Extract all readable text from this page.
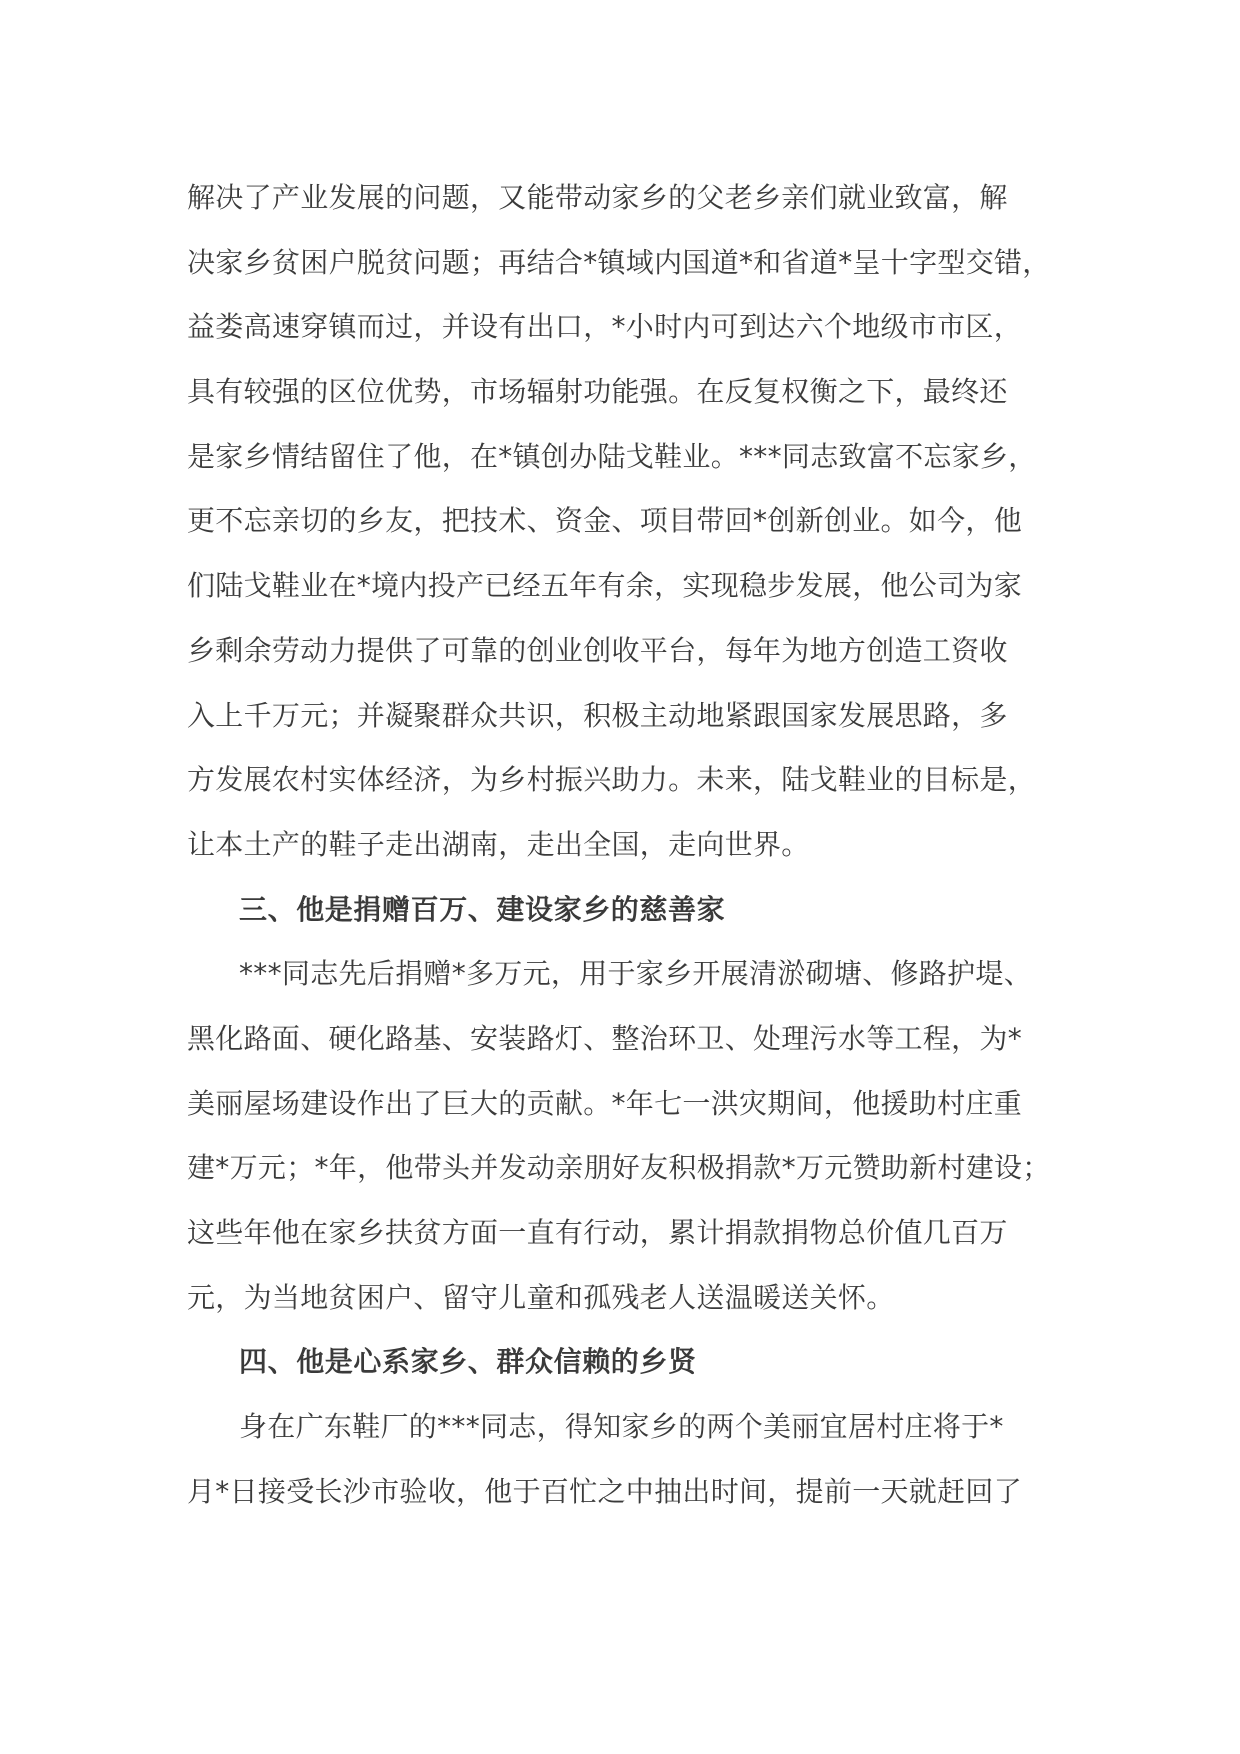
解决了产业发展的问题，又能带动家乡的父老乡亲们就业致富，解
决家乡贫困户脱贫问题；再结合*镇域内国道*和省道*呈十字型交错，
益娄高速穿镇而过，并设有出口，*小时内可到达六个地级市市区，
具有较强的区位优势，市场辐射功能强。在反复权衡之下，最终还
是家乡情结留住了他，在*镇创办陆戈鞋业。***同志致富不忘家乡，
更不忘亲切的乡友，把技术、资金、项目带回*创新创业。如今，他
们陆戈鞋业在*境内投产已经五年有余，实现稳步发展，他公司为家
乡剩余劳动力提供了可靠的创业创收平台，每年为地方创造工资收
入上千万元；并凝聚群众共识，积极主动地紧跟国家发展思路，多
方发展农村实体经济，为乡村振兴助力。未来，陆戈鞋业的目标是，
让本土产的鞋子走出湖南，走出全国，走向世界。
三、他是捐赠百万、建设家乡的慈善家
***同志先后捐赠*多万元，用于家乡开展清淤砌塘、修路护堤、
黑化路面、硬化路基、安装路灯、整治环卫、处理污水等工程，为*
美丽屋场建设作出了巨大的贡献。*年七一洪灾期间，他援助村庄重
建*万元；*年，他带头并发动亲朋好友积极捐款*万元赞助新村建设；
这些年他在家乡扶贫方面一直有行动，累计捐款捐物总价值几百万
元，为当地贫困户、留守儿童和孤残老人送温暖送关怀。
四、他是心系家乡、群众信赖的乡贤
身在广东鞋厂的***同志，得知家乡的两个美丽宜居村庄将于*
月*日接受长沙市验收，他于百忙之中抽出时间，提前一天就赶回了
